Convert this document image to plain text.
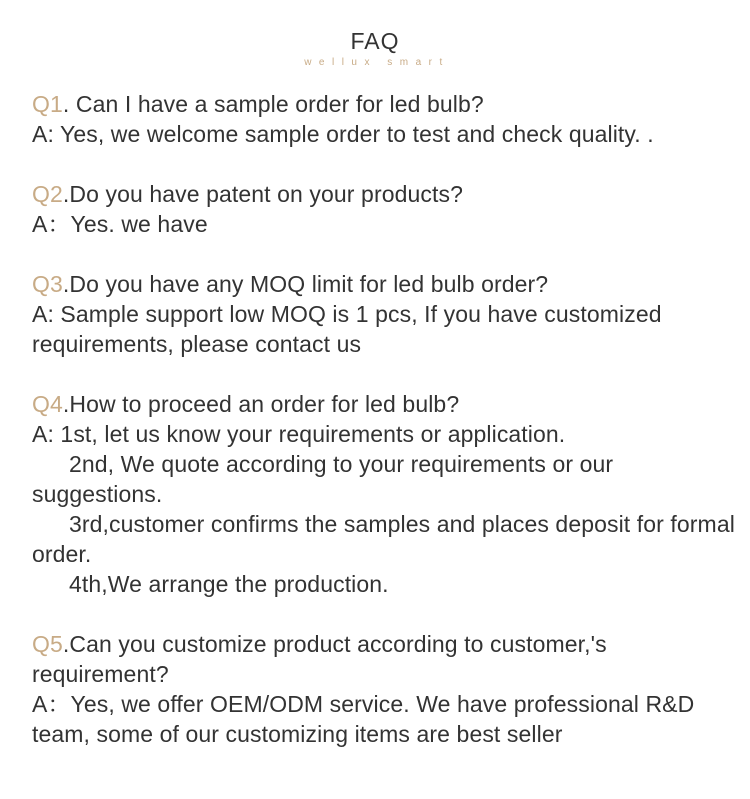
FAQ
wellux smart

Q1. Can I have a sample order for led bulb?

A: Yes, we welcome sample order to test and check quality. .

Q2.Do you have patent on your products?

A：Yes. we have

Q3.Do you have any MOQ limit for led bulb order?

A: Sample support low MOQ is 1 pcs, If you have customized requirements, please contact us

Q4.How to proceed an order for led bulb?

A: 1st, let us know your requirements or application.

2nd, We quote according to your requirements or our suggestions.

3rd,customer confirms the samples and places deposit for formal order.

4th,We arrange the production.

Q5.Can you customize product according to customer,'s requirement?

A：Yes, we offer OEM/ODM service. We have professional R&D team, some of our customizing items are best seller
